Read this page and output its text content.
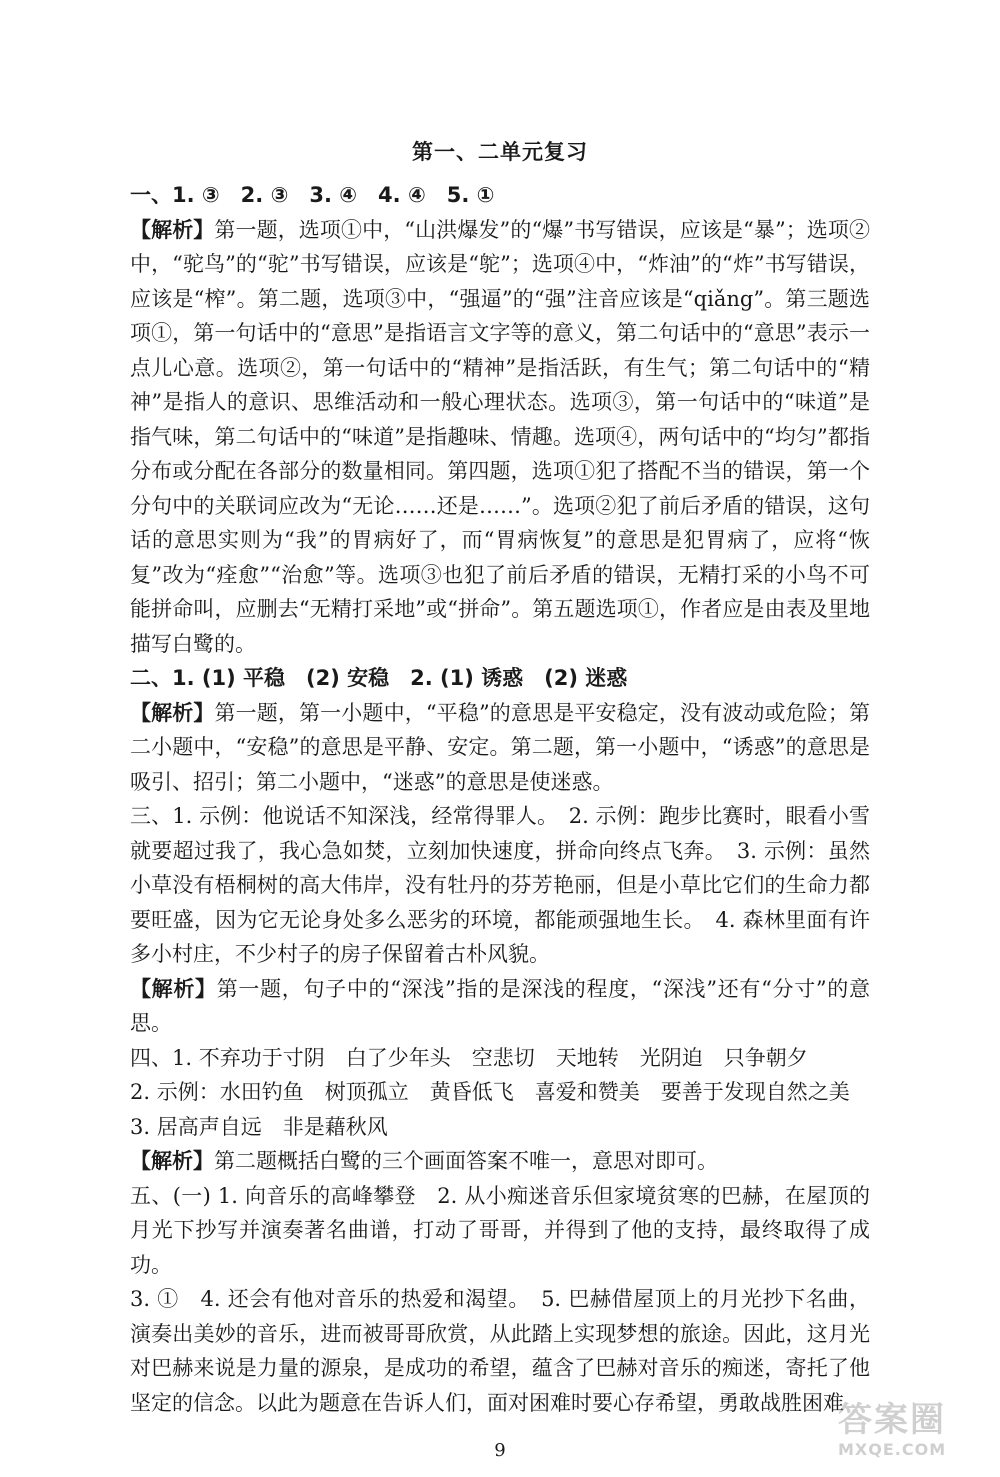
第一、二单元复习

一、1. ③　2. ③　3. ④　4. ④　5. ①

【解析】第一题，选项①中，“山洪爆发”的“爆”书写错误，应该是“暴”；选项②中，“驼鸟”的“驼”书写错误，应该是“鸵”；选项④中，“炸油”的“炸”书写错误，应该是“榨”。第二题，选项③中，“强逼”的“强”注音应该是“qiǎng”。第三题选项①，第一句话中的“意思”是指语言文字等的意义，第二句话中的“意思”表示一点儿心意。选项②，第一句话中的“精神”是指活跃，有生气；第二句话中的“精神”是指人的意识、思维活动和一般心理状态。选项③，第一句话中的“味道”是指气味，第二句话中的“味道”是指趣味、情趣。选项④，两句话中的“均匀”都指分布或分配在各部分的数量相同。第四题，选项①犯了搭配不当的错误，第一个分句中的关联词应改为“无论……还是……”。选项②犯了前后矛盾的错误，这句话的意思实则为“我”的胃病好了，而“胃病恢复”的意思是犯胃病了，应将“恢复”改为“痊愈”“治愈”等。选项③也犯了前后矛盾的错误，无精打采的小鸟不可能拼命叫，应删去“无精打采地”或“拼命”。第五题选项①，作者应是由表及里地描写白鹭的。

二、1. (1) 平稳　(2) 安稳　2. (1) 诱惑　(2) 迷惑

【解析】第一题，第一小题中，“平稳”的意思是平安稳定，没有波动或危险；第二小题中，“安稳”的意思是平静、安定。第二题，第一小题中，“诱惑”的意思是吸引、招引；第二小题中，“迷惑”的意思是使迷惑。

三、1. 示例：他说话不知深浅，经常得罪人。　2. 示例：跑步比赛时，眼看小雪就要超过我了，我心急如焚，立刻加快速度，拼命向终点飞奔。　3. 示例：虽然小草没有梧桐树的高大伟岸，没有牡丹的芬芳艳丽，但是小草比它们的生命力都要旺盛，因为它无论身处多么恶劣的环境，都能顽强地生长。　4. 森林里面有许多小村庄，不少村子的房子保留着古朴风貌。

【解析】第一题，句子中的“深浅”指的是深浅的程度，“深浅”还有“分寸”的意思。

四、1. 不弃功于寸阴　白了少年头　空悲切　天地转　光阴迫　只争朝夕

2. 示例：水田钓鱼　树顶孤立　黄昏低飞　喜爱和赞美　要善于发现自然之美

3. 居高声自远　非是藉秋风

【解析】第二题概括白鹭的三个画面答案不唯一，意思对即可。

五、(一) 1. 向音乐的高峰攀登　2. 从小痴迷音乐但家境贫寒的巴赫，在屋顶的月光下抄写并演奏著名曲谱，打动了哥哥，并得到了他的支持，最终取得了成功。

3. ①　4. 还会有他对音乐的热爱和渴望。　5. 巴赫借屋顶上的月光抄下名曲，演奏出美妙的音乐，进而被哥哥欣赏，从此踏上实现梦想的旅途。因此，这月光对巴赫来说是力量的源泉，是成功的希望，蕴含了巴赫对音乐的痴迷，寄托了他坚定的信念。以此为题意在告诉人们，面对困难时要心存希望，勇敢战胜困难

9
答案圈
MXQE.COM
